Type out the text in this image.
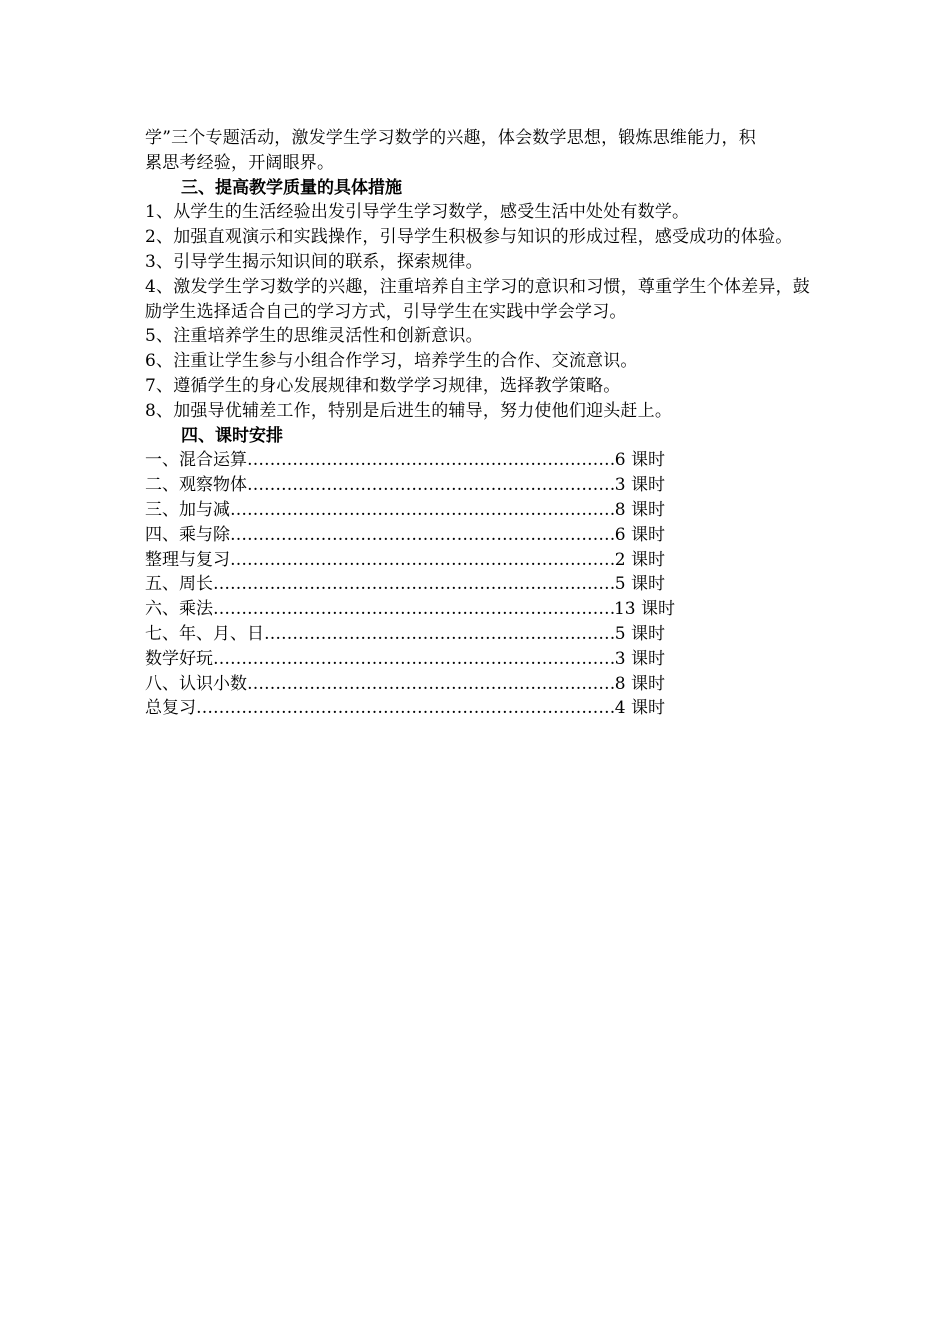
学”三个专题活动，激发学生学习数学的兴趣，体会数学思想，锻炼思维能力，积
累思考经验，开阔眼界。
三、提高教学质量的具体措施
1、从学生的生活经验出发引导学生学习数学，感受生活中处处有数学。
2、加强直观演示和实践操作，引导学生积极参与知识的形成过程，感受成功的体验。
3、引导学生揭示知识间的联系，探索规律。
4、激发学生学习数学的兴趣，注重培养自主学习的意识和习惯，尊重学生个体差异，鼓励学生选择适合自己的学习方式，引导学生在实践中学会学习。
5、注重培养学生的思维灵活性和创新意识。
6、注重让学生参与小组合作学习，培养学生的合作、交流意识。
7、遵循学生的身心发展规律和数学学习规律，选择教学策略。
8、加强导优辅差工作，特别是后进生的辅导，努力使他们迎头赶上。
四、课时安排
一、混合运算 …………………………………………………………………………………………………………………………………………	6 课时
二、观察物体 …………………………………………………………………………………………………………………………………………	3 课时
三、加与减 …………………………………………………………………………………………………………………………………………	8 课时
四、乘与除 …………………………………………………………………………………………………………………………………………	6 课时
整理与复习 …………………………………………………………………………………………………………………………………………	2 课时
五、周长 …………………………………………………………………………………………………………………………………………	5 课时
六、乘法 …………………………………………………………………………………………………………………………………………	13 课时
七、年、月、日 …………………………………………………………………………………………………………………………………………	5 课时
数学好玩 …………………………………………………………………………………………………………………………………………	3 课时
八、认识小数 …………………………………………………………………………………………………………………………………………	8 课时
总复习 …………………………………………………………………………………………………………………………………………	4 课时
